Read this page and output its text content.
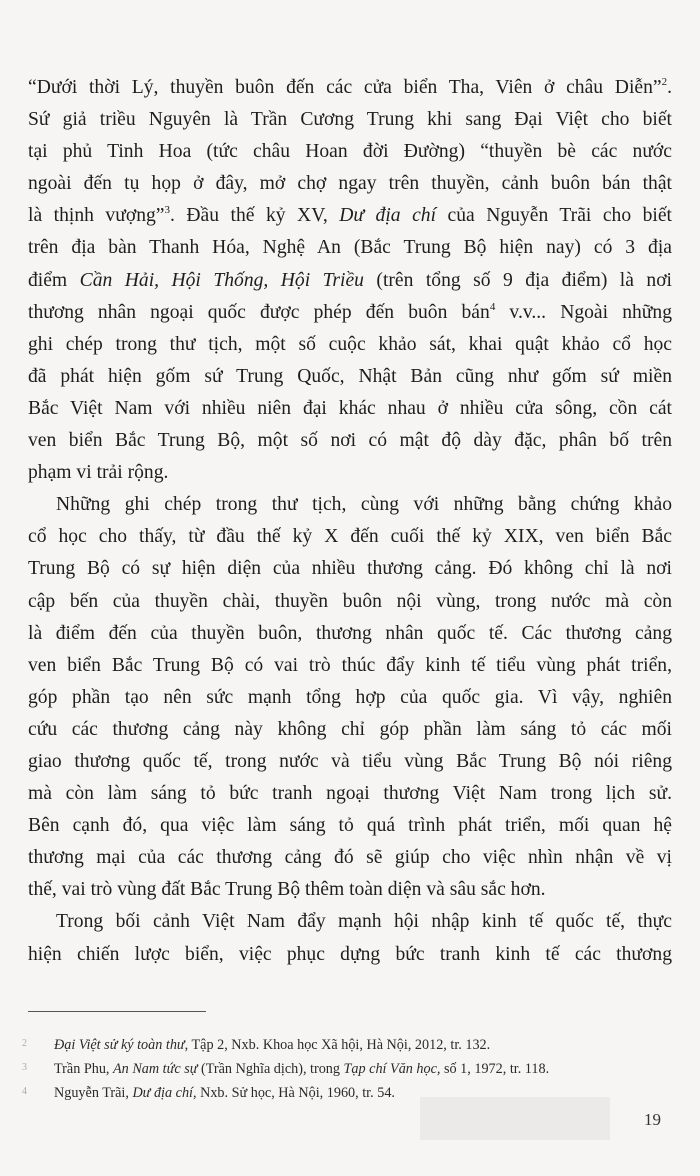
“Dưới thời Lý, thuyền buôn đến các cửa biển Tha, Viên ở châu Diễn”$^2$.
Sứ giả triều Nguyên là Trần Cương Trung khi sang Đại Việt cho biết
tại phủ Tinh Hoa (tức châu Hoan đời Đường) “thuyền bè các nước
ngoài đến tụ họp ở đây, mở chợ ngay trên thuyền, cảnh buôn bán thật
là thịnh vượng”$^3$. Đầu thế kỷ XV, Dư địa chí của Nguyễn Trãi cho biết
trên địa bàn Thanh Hóa, Nghệ An (Bắc Trung Bộ hiện nay) có 3 địa
điểm Cần Hải, Hội Thống, Hội Triều (trên tổng số 9 địa điểm) là nơi
thương nhân ngoại quốc được phép đến buôn bán$^4$ v.v... Ngoài những
ghi chép trong thư tịch, một số cuộc khảo sát, khai quật khảo cổ học
đã phát hiện gốm sứ Trung Quốc, Nhật Bản cũng như gốm sứ miền
Bắc Việt Nam với nhiều niên đại khác nhau ở nhiều cửa sông, cồn cát
ven biển Bắc Trung Bộ, một số nơi có mật độ dày đặc, phân bố trên
phạm vi trải rộng.
Những ghi chép trong thư tịch, cùng với những bằng chứng khảo
cổ học cho thấy, từ đầu thế kỷ X đến cuối thế kỷ XIX, ven biển Bắc
Trung Bộ có sự hiện diện của nhiều thương cảng. Đó không chỉ là nơi
cập bến của thuyền chài, thuyền buôn nội vùng, trong nước mà còn
là điểm đến của thuyền buôn, thương nhân quốc tế. Các thương cảng
ven biển Bắc Trung Bộ có vai trò thúc đẩy kinh tế tiểu vùng phát triển,
góp phần tạo nên sức mạnh tổng hợp của quốc gia. Vì vậy, nghiên
cứu các thương cảng này không chỉ góp phần làm sáng tỏ các mối
giao thương quốc tế, trong nước và tiểu vùng Bắc Trung Bộ nói riêng
mà còn làm sáng tỏ bức tranh ngoại thương Việt Nam trong lịch sử.
Bên cạnh đó, qua việc làm sáng tỏ quá trình phát triển, mối quan hệ
thương mại của các thương cảng đó sẽ giúp cho việc nhìn nhận về vị
thế, vai trò vùng đất Bắc Trung Bộ thêm toàn diện và sâu sắc hơn.
Trong bối cảnh Việt Nam đẩy mạnh hội nhập kinh tế quốc tế, thực
hiện chiến lược biển, việc phục dựng bức tranh kinh tế các thương
2 Đại Việt sử ký toàn thư, Tập 2, Nxb. Khoa học Xã hội, Hà Nội, 2012, tr. 132.
3 Trần Phu, An Nam tức sự (Trần Nghĩa dịch), trong Tạp chí Văn học, số 1, 1972, tr. 118.
4 Nguyễn Trãi, Dư địa chí, Nxb. Sử học, Hà Nội, 1960, tr. 54.
19
